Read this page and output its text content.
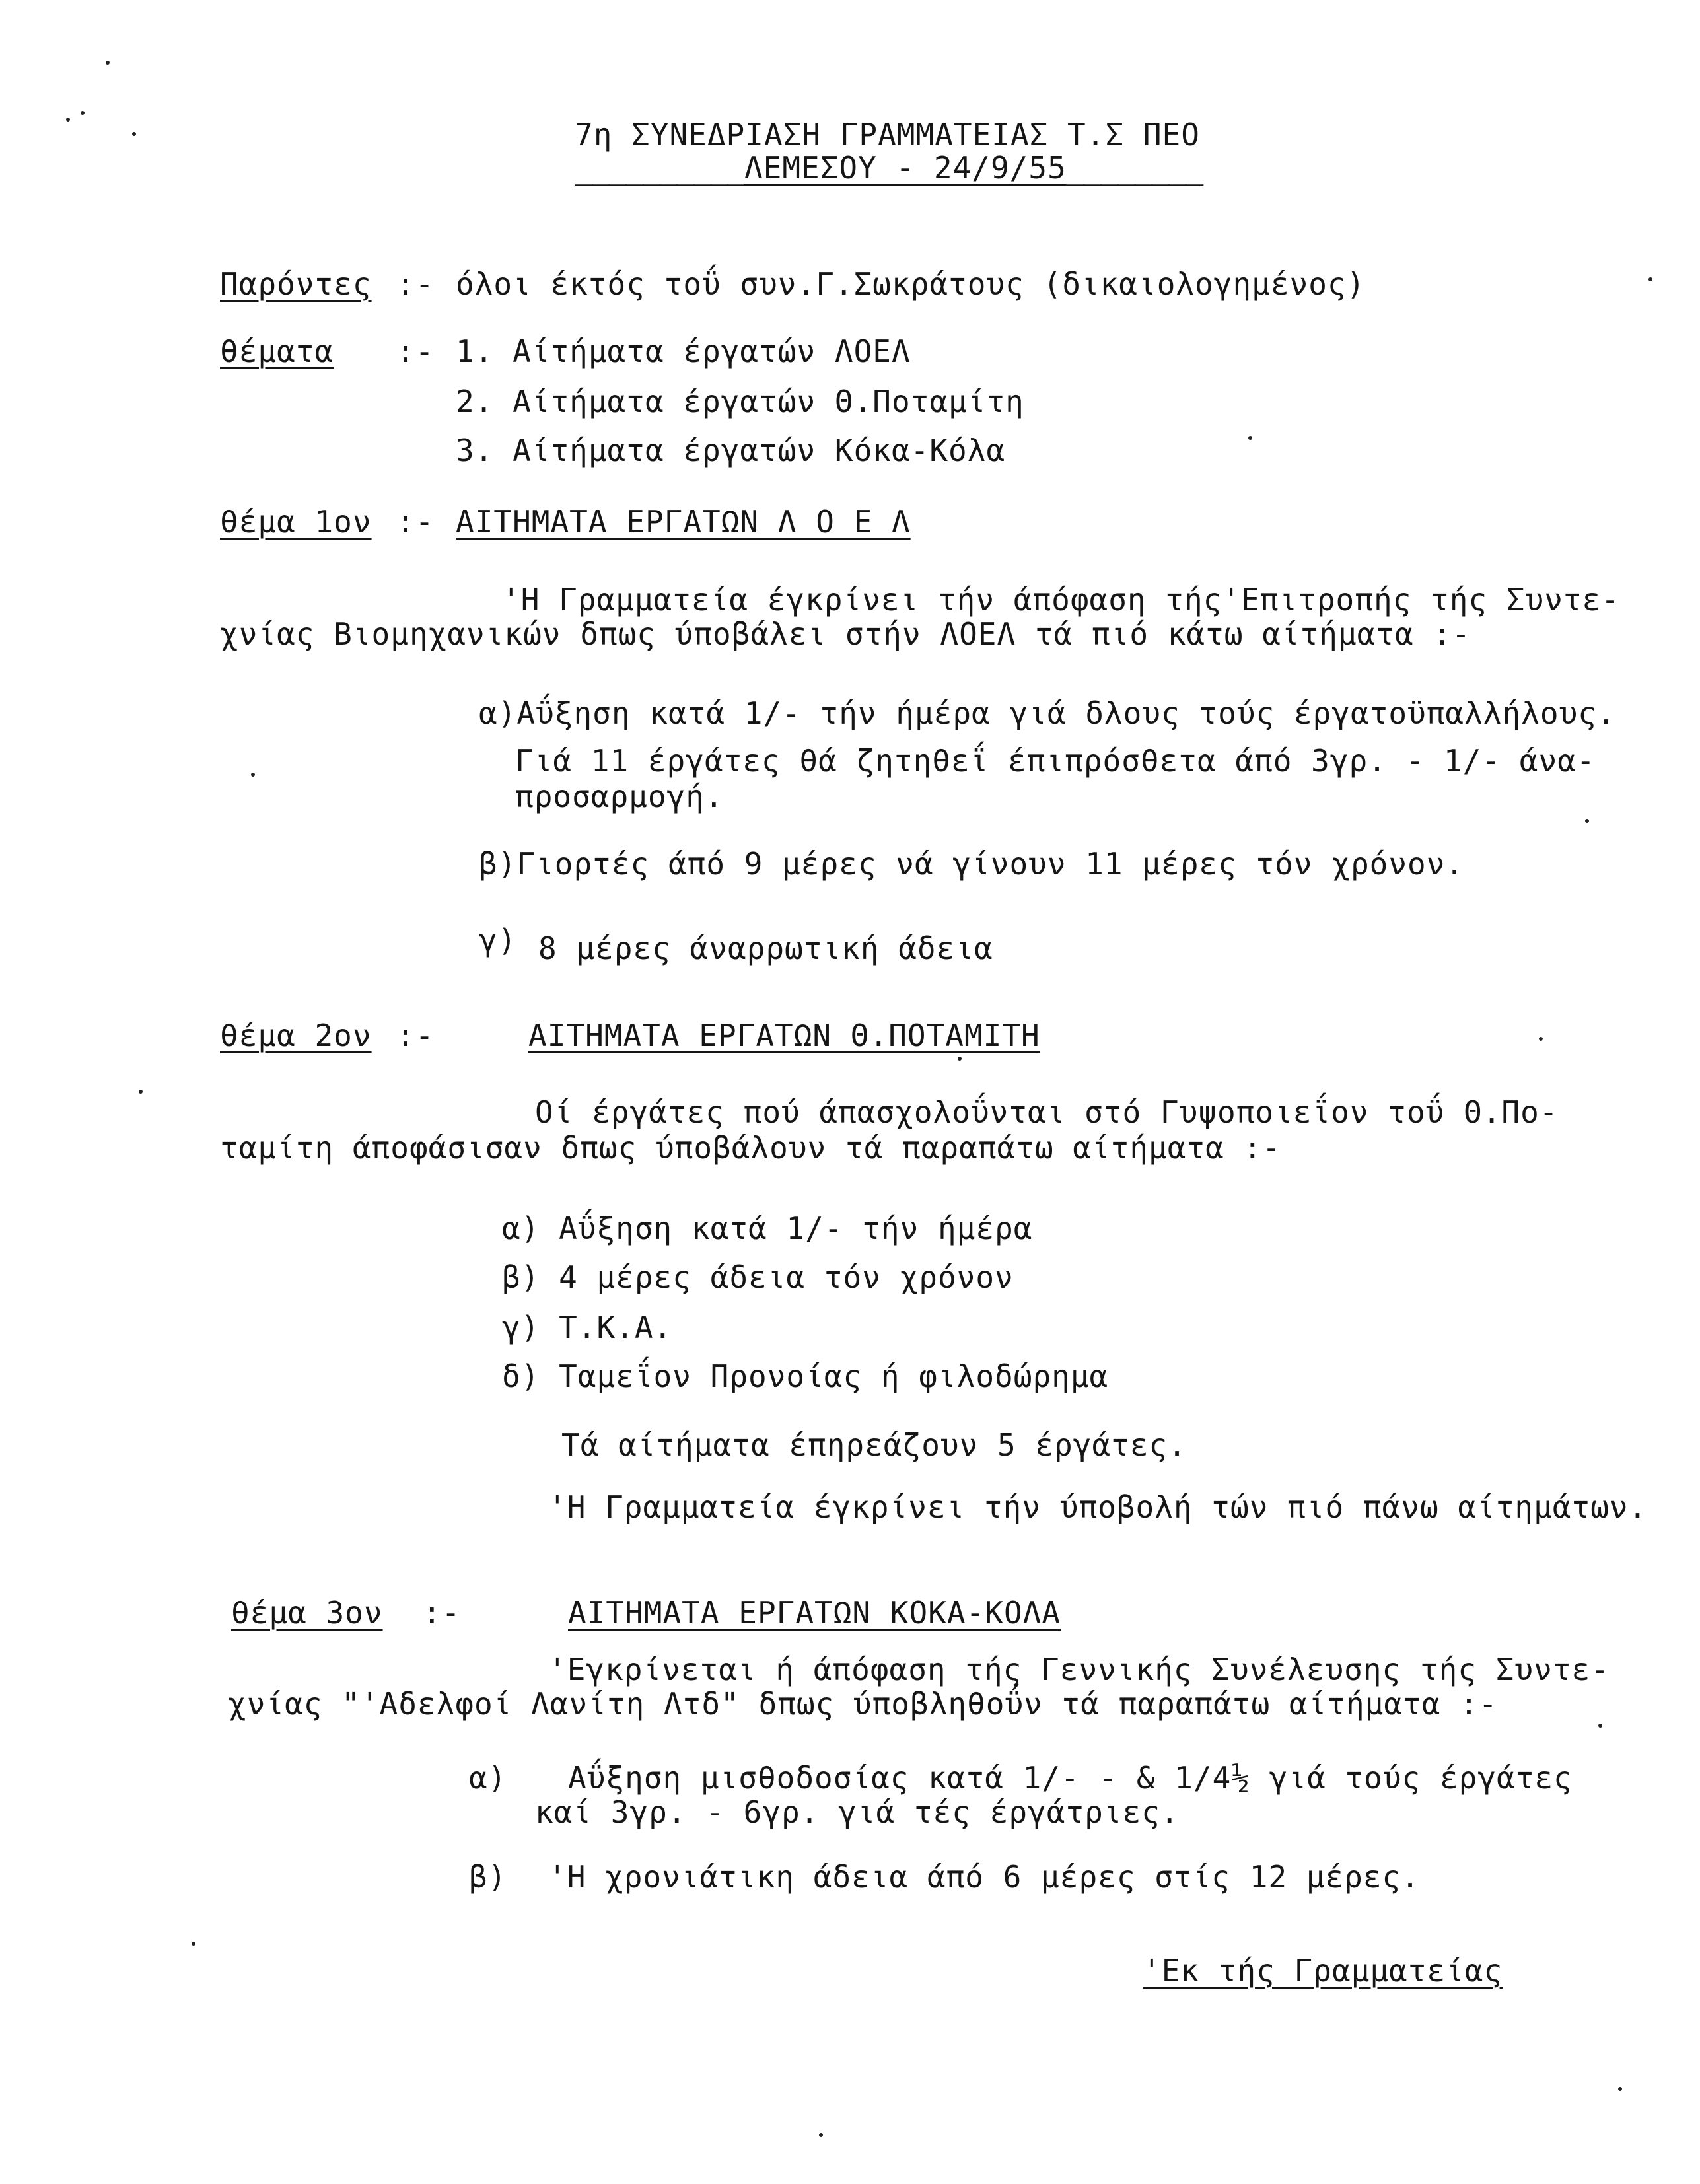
7η ΣΥΝΕΔΡΙΑΣΗ ΓΡΑΜΜΑΤΕΙΑΣ Τ.Σ ΠΕΟ
__________ΛΕΜΕΣΟΥ - 24/9/55________
Παρόντες :- όλοι έκτός τοΰ συν.Γ.Σωκράτους (δικαιολογημένος)
θέματα :- 1. Αίτήματα έργατών ΛΟΕΛ
2. Αίτήματα έργατών Θ.Ποταμίτη
3. Αίτήματα έργατών Κόκα-Κόλα
θέμα 1ον :- ΑΙΤΗΜΑΤΑ ΕΡΓΑΤΩΝ Λ Ο Ε Λ
'Η Γραμματεία έγκρίνει τήν άπόφαση τής'Επιτροπής τής Συντε-
χνίας Βιομηχανικών δπως ύποβάλει στήν ΛΟΕΛ τά πιό κάτω αίτήματα :-
α)Αΰξηση κατά 1/- τήν ήμέρα γιά δλους τούς έργατοϋπαλλήλους.
Γιά 11 έργάτες θά ζητηθεΐ έπιπρόσθετα άπό 3γρ. - 1/- άνα-
προσαρμογή.
β)Γιορτές άπό 9 μέρες νά γίνουν 11 μέρες τόν χρόνον.
γ) 8 μέρες άναρρωτική άδεια
θέμα 2ον :-	ΑΙΤΗΜΑΤΑ ΕΡΓΑΤΩΝ Θ.ΠΟΤΑΜΙΤΗ
Οί έργάτες πού άπασχολοΰνται στό Γυψοποιεΐον τοΰ Θ.Πο-
ταμίτη άποφάσισαν δπως ύποβάλουν τά παραπάτω αίτήματα :-
α) Αΰξηση κατά 1/- τήν ήμέρα
β) 4 μέρες άδεια τόν χρόνον
γ) Τ.Κ.Α.
δ) Ταμεΐον Προνοίας ή φιλοδώρημα
Τά αίτήματα έπηρεάζουν 5 έργάτες.
'Η Γραμματεία έγκρίνει τήν ύποβολή τών πιό πάνω αίτημάτων.
θέμα 3ον :-	ΑΙΤΗΜΑΤΑ ΕΡΓΑΤΩΝ ΚΟΚΑ-ΚΟΛΑ
'Εγκρίνεται ή άπόφαση τής Γεννικής Συνέλευσης τής Συντε-
χνίας "'Αδελφοί Λανίτη Λτδ" δπως ύποβληθοΰν τά παραπάτω αίτήματα :-
α) Αΰξηση μισθοδοσίας κατά 1/- - & 1/4½ γιά τούς έργάτες
καί 3γρ. - 6γρ. γιά τές έργάτριες.
β) 'Η χρονιάτικη άδεια άπό 6 μέρες στίς 12 μέρες.
'Εκ τής Γραμματείας
